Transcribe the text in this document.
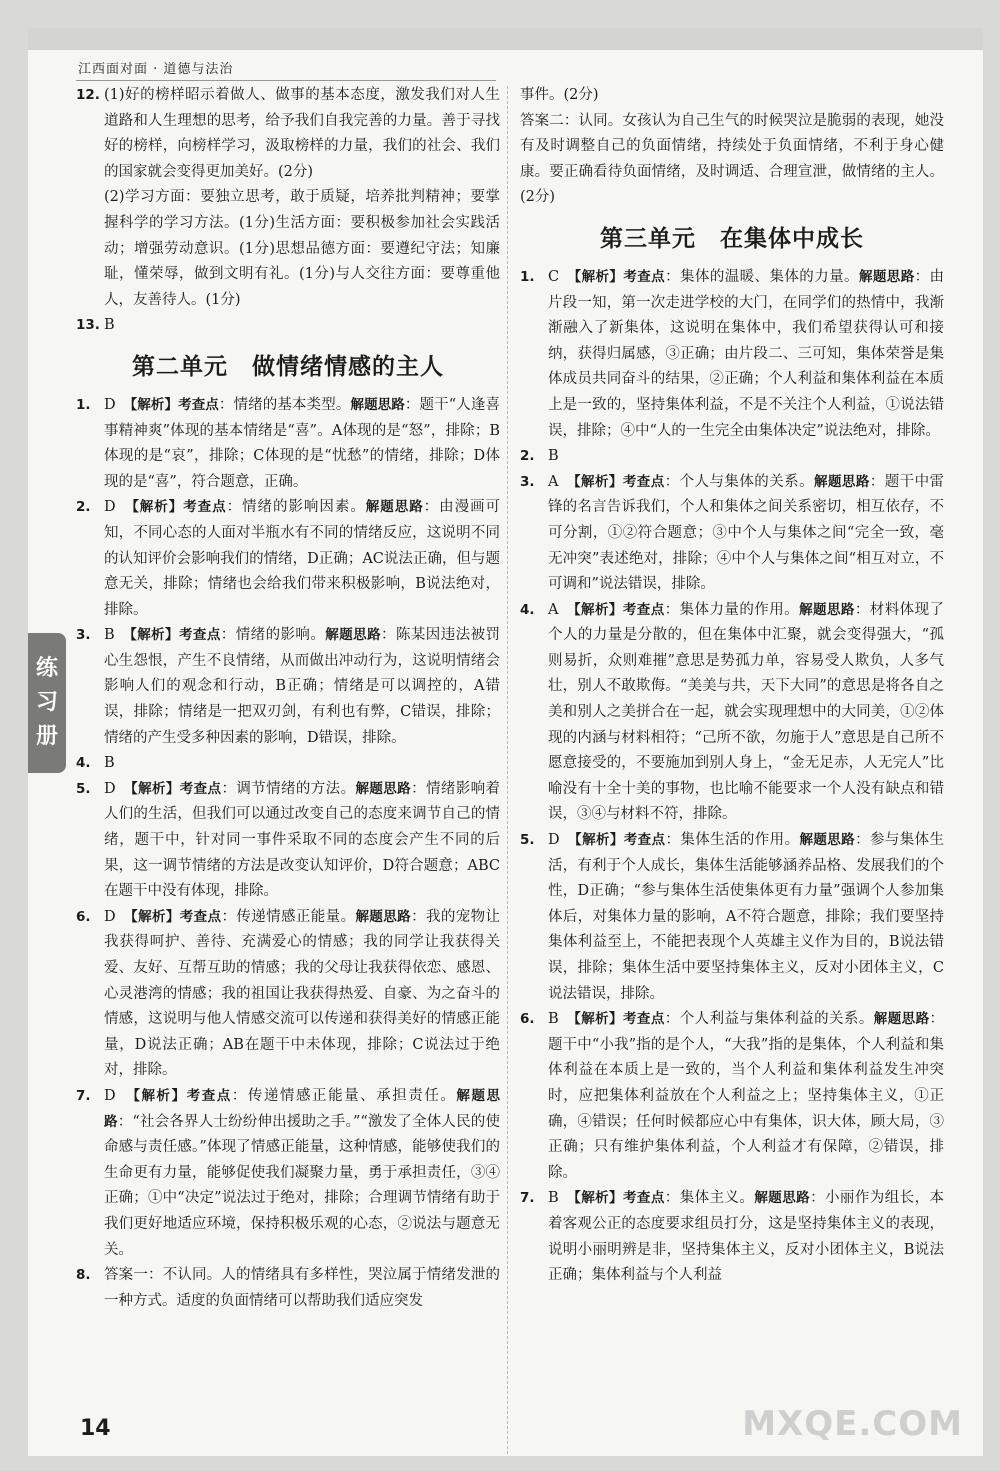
江西面对面 · 道德与法治
12. (1)好的榜样昭示着做人、做事的基本态度，激发我们对人生道路和人生理想的思考，给予我们自我完善的力量。善于寻找好的榜样，向榜样学习，汲取榜样的力量，我们的社会、我们的国家就会变得更加美好。(2分)
(2)学习方面：要独立思考，敢于质疑，培养批判精神；要掌握科学的学习方法。(1分)生活方面：要积极参加社会实践活动；增强劳动意识。(1分)思想品德方面：要遵纪守法；知廉耻，懂荣辱，做到文明有礼。(1分)与人交往方面：要尊重他人，友善待人。(1分)
13. B
第二单元　做情绪情感的主人
1. D　【解析】考查点：情绪的基本类型。解题思路：题干“人逢喜事精神爽”体现的基本情绪是“喜”。A体现的是“怒”，排除；B体现的是“哀”，排除；C体现的是“忧愁”的情绪，排除；D体现的是“喜”，符合题意，正确。
2. D　【解析】考查点：情绪的影响因素。解题思路：由漫画可知，不同心态的人面对半瓶水有不同的情绪反应，这说明不同的认知评价会影响我们的情绪，D正确；AC说法正确，但与题意无关，排除；情绪也会给我们带来积极影响，B说法绝对，排除。
3. B　【解析】考查点：情绪的影响。解题思路：陈某因违法被罚心生怨恨，产生不良情绪，从而做出冲动行为，这说明情绪会影响人们的观念和行动，B正确；情绪是可以调控的，A错误，排除；情绪是一把双刃剑，有利也有弊，C错误，排除；情绪的产生受多种因素的影响，D错误，排除。
4. B
5. D　【解析】考查点：调节情绪的方法。解题思路：情绪影响着人们的生活，但我们可以通过改变自己的态度来调节自己的情绪，题干中，针对同一事件采取不同的态度会产生不同的后果，这一调节情绪的方法是改变认知评价，D符合题意；ABC在题干中没有体现，排除。
6. D　【解析】考查点：传递情感正能量。解题思路：我的宠物让我获得呵护、善待、充满爱心的情感；我的同学让我获得关爱、友好、互帮互助的情感；我的父母让我获得依恋、感恩、心灵港湾的情感；我的祖国让我获得热爱、自豪、为之奋斗的情感，这说明与他人情感交流可以传递和获得美好的情感正能量，D说法正确；AB在题干中未体现，排除；C说法过于绝对，排除。
7. D　【解析】考查点：传递情感正能量、承担责任。解题思路：“社会各界人士纷纷伸出援助之手。”“激发了全体人民的使命感与责任感。”体现了情感正能量，这种情感，能够使我们的生命更有力量，能够促使我们凝聚力量，勇于承担责任，③④正确；①中“决定”说法过于绝对，排除；合理调节情绪有助于我们更好地适应环境，保持积极乐观的心态，②说法与题意无关。
8. 答案一：不认同。人的情绪具有多样性，哭泣属于情绪发泄的一种方式。适度的负面情绪可以帮助我们适应突发
事件。(2分)
答案二：认同。女孩认为自己生气的时候哭泣是脆弱的表现，她没有及时调整自己的负面情绪，持续处于负面情绪，不利于身心健康。要正确看待负面情绪，及时调适、合理宣泄，做情绪的主人。(2分)
第三单元　在集体中成长
1. C　【解析】考查点：集体的温暖、集体的力量。解题思路：由片段一知，第一次走进学校的大门，在同学们的热情中，我渐渐融入了新集体，这说明在集体中，我们希望获得认可和接纳，获得归属感，③正确；由片段二、三可知，集体荣誉是集体成员共同奋斗的结果，②正确；个人利益和集体利益在本质上是一致的，坚持集体利益，不是不关注个人利益，①说法错误，排除；④中“人的一生完全由集体决定”说法绝对，排除。
2. B
3. A　【解析】考查点：个人与集体的关系。解题思路：题干中雷锋的名言告诉我们，个人和集体之间关系密切，相互依存，不可分割，①②符合题意；③中个人与集体之间“完全一致，毫无冲突”表述绝对，排除；④中个人与集体之间“相互对立，不可调和”说法错误，排除。
4. A　【解析】考查点：集体力量的作用。解题思路：材料体现了个人的力量是分散的，但在集体中汇聚，就会变得强大，“孤则易折，众则难摧”意思是势孤力单，容易受人欺负，人多气壮，别人不敢欺侮。“美美与共，天下大同”的意思是将各自之美和别人之美拼合在一起，就会实现理想中的大同美，①②体现的内涵与材料相符；“己所不欲，勿施于人”意思是自己所不愿意接受的，不要施加到别人身上，“金无足赤，人无完人”比喻没有十全十美的事物，也比喻不能要求一个人没有缺点和错误，③④与材料不符，排除。
5. D　【解析】考查点：集体生活的作用。解题思路：参与集体生活，有利于个人成长，集体生活能够涵养品格、发展我们的个性，D正确；“参与集体生活使集体更有力量”强调个人参加集体后，对集体力量的影响，A不符合题意，排除；我们要坚持集体利益至上，不能把表现个人英雄主义作为目的，B说法错误，排除；集体生活中要坚持集体主义，反对小团体主义，C说法错误，排除。
6. B　【解析】考查点：个人利益与集体利益的关系。解题思路：题干中“小我”指的是个人，“大我”指的是集体，个人利益和集体利益在本质上是一致的，当个人利益和集体利益发生冲突时，应把集体利益放在个人利益之上；坚持集体主义，①正确，④错误；任何时候都应心中有集体，识大体，顾大局，③正确；只有维护集体利益，个人利益才有保障，②错误，排除。
7. B　【解析】考查点：集体主义。解题思路：小丽作为组长，本着客观公正的态度要求组员打分，这是坚持集体主义的表现，说明小丽明辨是非，坚持集体主义，反对小团体主义，B说法正确；集体利益与个人利益
练
习
册
14	MXQE.COM
